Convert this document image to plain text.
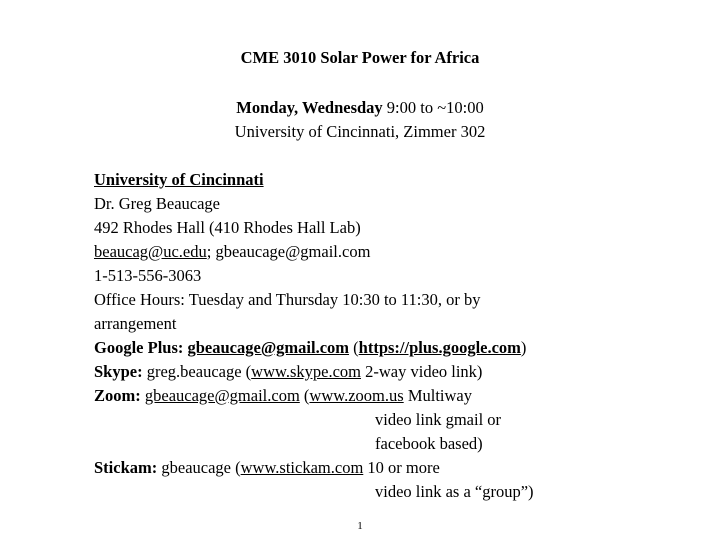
CME 3010 Solar Power for Africa
Monday, Wednesday 9:00 to ~10:00
University of Cincinnati, Zimmer 302
University of Cincinnati
Dr. Greg Beaucage
492 Rhodes Hall (410 Rhodes Hall Lab)
beaucag@uc.edu; gbeaucage@gmail.com
1-513-556-3063
Office Hours: Tuesday and Thursday 10:30 to 11:30, or by
arrangement
Google Plus: gbeaucage@gmail.com (https://plus.google.com)
Skype: greg.beaucage (www.skype.com 2-way video link)
Zoom: gbeaucage@gmail.com (www.zoom.us Multiway
video link gmail or
facebook based)
Stickam: gbeaucage (www.stickam.com 10 or more
video link as a “group”)
1
